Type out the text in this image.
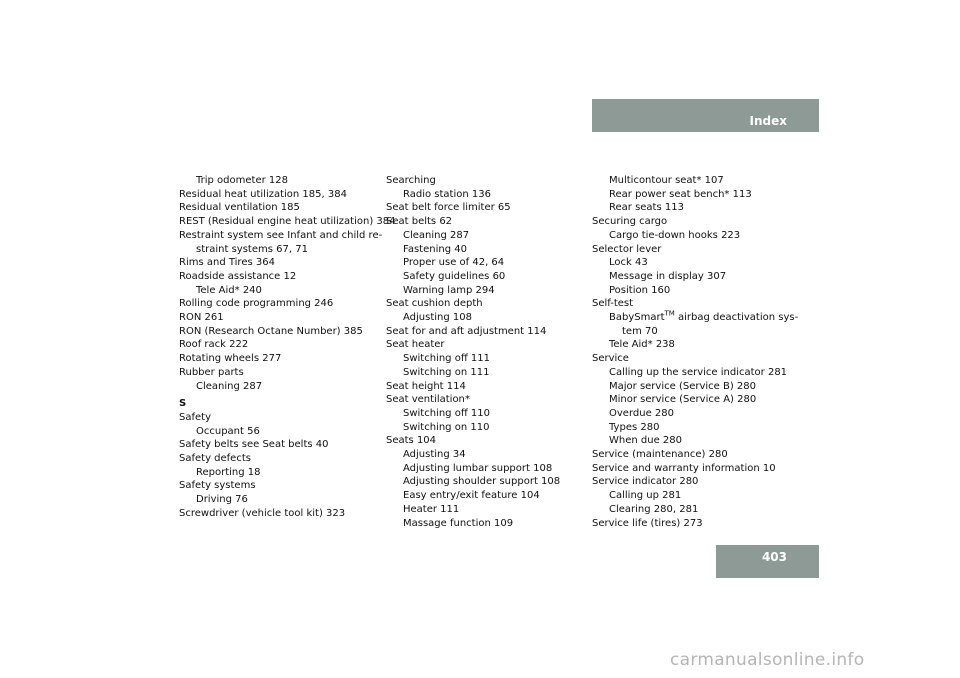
Index
Trip odometer 128
Residual heat utilization 185, 384
Residual ventilation 185
REST (Residual engine heat utilization) 384
Restraint system see Infant and child re-
straint systems 67, 71
Rims and Tires 364
Roadside assistance 12
Tele Aid* 240
Rolling code programming 246
RON 261
RON (Research Octane Number) 385
Roof rack 222
Rotating wheels 277
Rubber parts
Cleaning 287
S
Safety
Occupant 56
Safety belts see Seat belts 40
Safety defects
Reporting 18
Safety systems
Driving 76
Screwdriver (vehicle tool kit) 323
Searching
Radio station 136
Seat belt force limiter 65
Seat belts 62
Cleaning 287
Fastening 40
Proper use of 42, 64
Safety guidelines 60
Warning lamp 294
Seat cushion depth
Adjusting 108
Seat for and aft adjustment 114
Seat heater
Switching off 111
Switching on 111
Seat height 114
Seat ventilation*
Switching off 110
Switching on 110
Seats 104
Adjusting 34
Adjusting lumbar support 108
Adjusting shoulder support 108
Easy entry/exit feature 104
Heater 111
Massage function 109
Multicontour seat* 107
Rear power seat bench* 113
Rear seats 113
Securing cargo
Cargo tie-down hooks 223
Selector lever
Lock 43
Message in display 307
Position 160
Self-test
BabySmart™ airbag deactivation sys-
tem 70
Tele Aid* 238
Service
Calling up the service indicator 281
Major service (Service B) 280
Minor service (Service A) 280
Overdue 280
Types 280
When due 280
Service (maintenance) 280
Service and warranty information 10
Service indicator 280
Calling up 281
Clearing 280, 281
Service life (tires) 273
403
carmanualsonline.info
